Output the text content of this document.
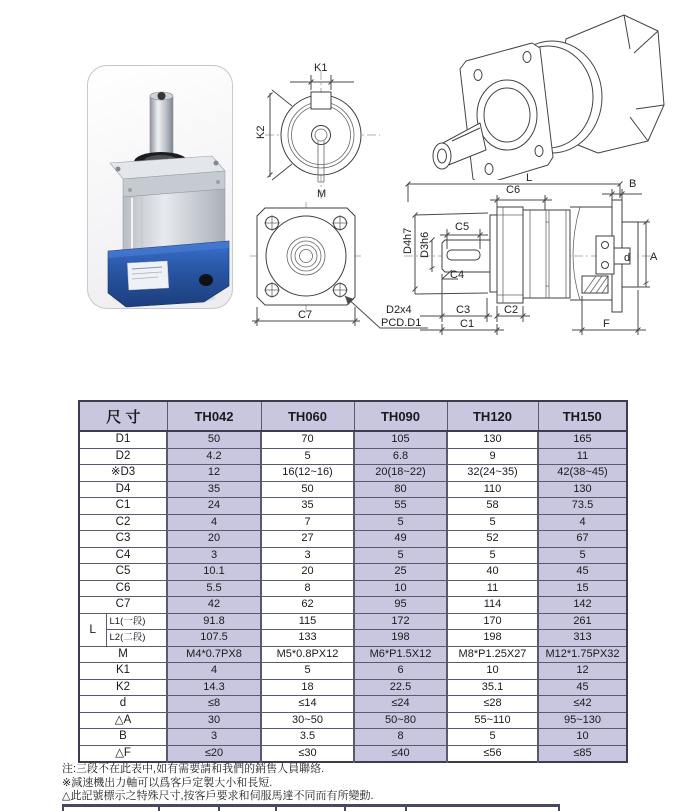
K1
K2
M
C7	D2x4
PCD.D1
L
C6	B
C5
D4h7 D3h6
C4
C3	C2
C1	F
A
d
尺 寸		TH042	TH060	TH090	TH120	TH150
D1		50	70	105	130	165
D2		4.2	5	6.8	9	11
※D3		12	16(12~16)	20(18~22)	32(24~35)	42(38~45)
D4		35	50	80	110	130
C1		24	35	55	58	73.5
C2		4	7	5	5	4
C3		20	27	49	52	67
C4		3	3	5	5	5
C5		10.1	20	25	40	45
C6		5.5	8	10	11	15
C7		42	62	95	114	142
L	L1(一段)	91.8	115	172	170	261
	L2(二段)	107.5	133	198	198	313
M		M4*0.7PX8	M5*0.8PX12	M6*P1.5X12	M8*P1.25X27	M12*1.75PX32
K1		4	5	6	10	12
K2		14.3	18	22.5	35.1	45
d		≤8	≤14	≤24	≤28	≤42
△A		30	30~50	50~80	55~110	95~130
B		3	3.5	8	5	10
△F		≤20	≤30	≤40	≤56	≤85
注:三段不在此表中,如有需要請和我們的銷售人員聯絡.
※減速機出力軸可以爲客戶定製大小和長短.
△此記號標示之特殊尺寸,按客戶要求和伺服馬達不同而有所變動.
